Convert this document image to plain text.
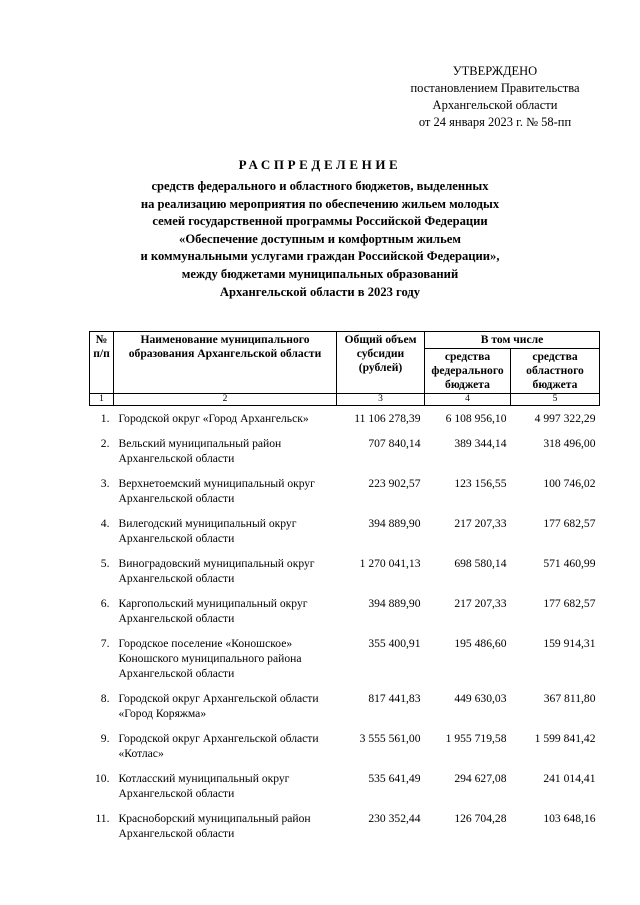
УТВЕРЖДЕНО
постановлением Правительства
Архангельской области
от 24 января 2023 г. № 58-пп
РАСПРЕДЕЛЕНИЕ
средств федерального и областного бюджетов, выделенных
на реализацию мероприятия по обеспечению жильем молодых
семей государственной программы Российской Федерации
«Обеспечение доступным и комфортным жильем
и коммунальными услугами граждан Российской Федерации»,
между бюджетами муниципальных образований
Архангельской области в 2023 году
№ п/п	Наименование муниципального образования Архангельской области	Общий объем субсидии (рублей)	В том числе	
			средства федерального бюджета	средства областного бюджета
1	2	3	4	5
1.	Городской округ «Город Архангельск»	11 106 278,39	6 108 956,10	4 997 322,29
2.	Вельский муниципальный район Архангельской области	707 840,14	389 344,14	318 496,00
3.	Верхнетоемский муниципальный округ Архангельской области	223 902,57	123 156,55	100 746,02
4.	Вилегодский муниципальный округ Архангельской области	394 889,90	217 207,33	177 682,57
5.	Виноградовский муниципальный округ Архангельской области	1 270 041,13	698 580,14	571 460,99
6.	Каргопольский муниципальный округ Архангельской области	394 889,90	217 207,33	177 682,57
7.	Городское поселение «Коношское» Коношского муниципального района Архангельской области	355 400,91	195 486,60	159 914,31
8.	Городской округ Архангельской области «Город Коряжма»	817 441,83	449 630,03	367 811,80
9.	Городской округ Архангельской области «Котлас»	3 555 561,00	1 955 719,58	1 599 841,42
10.	Котласский муниципальный округ Архангельской области	535 641,49	294 627,08	241 014,41
11.	Красноборский муниципальный район Архангельской области	230 352,44	126 704,28	103 648,16
